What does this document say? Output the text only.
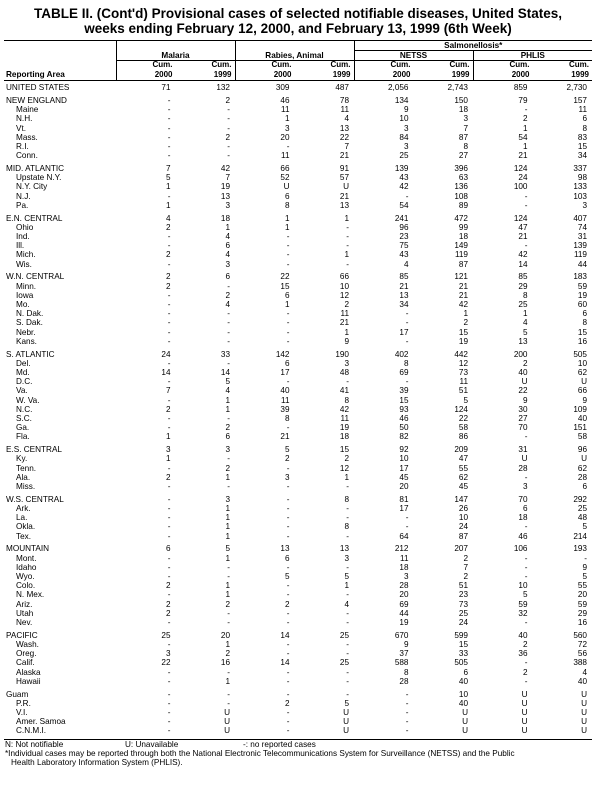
TABLE II. (Cont'd) Provisional cases of selected notifiable diseases, United States,
weeks ending February 12, 2000, and February 13, 1999 (6th Week)
					Salmonellosis*			
	Malaria		Rabies, Animal		NETSS		PHLIS	
	Cum.	Cum.	Cum.	Cum.	Cum.	Cum.	Cum.	Cum.
Reporting Area	2000	1999	2000	1999	2000	1999	2000	1999
UNITED STATES	71	132	309	487	2,056	2,743	859	2,730
NEW ENGLAND	-	2	46	78	134	150	79	157
Maine	-	-	11	11	9	18	-	11
N.H.	-	-	1	4	10	3	2	6
Vt.	-	-	3	13	3	7	1	8
Mass.	-	2	20	22	84	87	54	83
R.I.	-	-	-	7	3	8	1	15
Conn.	-	-	11	21	25	27	21	34
MID. ATLANTIC	7	42	66	91	139	396	124	337
Upstate N.Y.	5	7	52	57	43	63	24	98
N.Y. City	1	19	U	U	42	136	100	133
N.J.	-	13	6	21	-	108	-	103
Pa.	1	3	8	13	54	89	-	3
E.N. CENTRAL	4	18	1	1	241	472	124	407
Ohio	2	1	1	-	96	99	47	74
Ind.	-	4	-	-	23	18	21	31
Ill.	-	6	-	-	75	149	-	139
Mich.	2	4	-	1	43	119	42	119
Wis.	-	3	-	-	4	87	14	44
W.N. CENTRAL	2	6	22	66	85	121	85	183
Minn.	2	-	15	10	21	21	29	59
Iowa	-	2	6	12	13	21	8	19
Mo.	-	4	1	2	34	42	25	60
N. Dak.	-	-	-	11	-	1	1	6
S. Dak.	-	-	-	21	-	2	4	8
Nebr.	-	-	-	1	17	15	5	15
Kans.	-	-	-	9	-	19	13	16
S. ATLANTIC	24	33	142	190	402	442	200	505
Del.	-	-	6	3	8	12	2	10
Md.	14	14	17	48	69	73	40	62
D.C.	-	5	-	-	-	11	U	U
Va.	7	4	40	41	39	51	22	66
W. Va.	-	1	11	8	15	5	9	9
N.C.	2	1	39	42	93	124	30	109
S.C.	-	-	8	11	46	22	27	40
Ga.	-	2	-	19	50	58	70	151
Fla.	1	6	21	18	82	86	-	58
E.S. CENTRAL	3	3	5	15	92	209	31	96
Ky.	1	-	2	2	10	47	U	U
Tenn.	-	2	-	12	17	55	28	62
Ala.	2	1	3	1	45	62	-	28
Miss.	-	-	-	-	20	45	3	6
W.S. CENTRAL	-	3	-	8	81	147	70	292
Ark.	-	1	-	-	17	26	6	25
La.	-	1	-	-	-	10	18	48
Okla.	-	1	-	8	-	24	-	5
Tex.	-	1	-	-	64	87	46	214
MOUNTAIN	6	5	13	13	212	207	106	193
Mont.	-	1	6	3	11	2	-	-
Idaho	-	-	-	-	18	7	-	9
Wyo.	-	-	5	5	3	2	-	5
Colo.	2	1	-	1	28	51	10	55
N. Mex.	-	1	-	-	20	23	5	20
Ariz.	2	2	2	4	69	73	59	59
Utah	2	-	-	-	44	25	32	29
Nev.	-	-	-	-	19	24	-	16
PACIFIC	25	20	14	25	670	599	40	560
Wash.	-	1	-	-	9	15	2	72
Oreg.	3	2	-	-	37	33	36	56
Calif.	22	16	14	25	588	505	-	388
Alaska	-	-	-	-	8	6	2	4
Hawaii	-	1	-	-	28	40	-	40
Guam	-	-	-	-	-	10	U	U
P.R.	-	-	2	5	-	40	U	U
V.I.	-	U	-	U	-	U	U	U
Amer. Samoa	-	U	-	U	-	U	U	U
C.N.M.I.	-	U	-	U	-	U	U	U
N: Not notifiable	U: Unavailable	-: no reported cases
*Individual cases may be reported through both the National Electronic Telecommunications System for Surveillance (NETSS) and the Public
Health Laboratory Information System (PHLIS).
